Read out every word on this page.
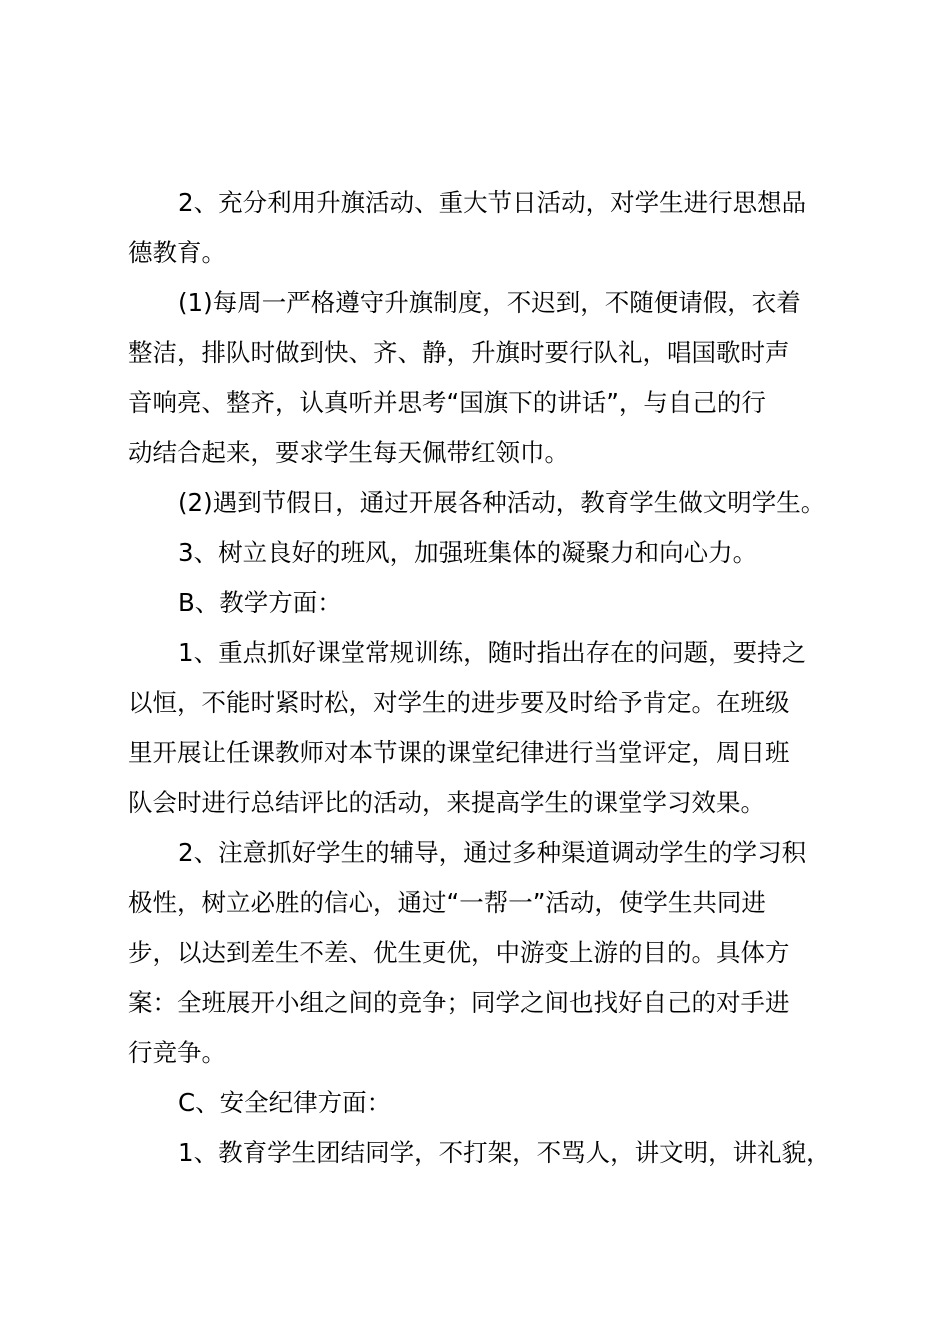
2、充分利用升旗活动、重大节日活动，对学生进行思想品
德教育。

(1)每周一严格遵守升旗制度，不迟到，不随便请假，衣着
整洁，排队时做到快、齐、静，升旗时要行队礼，唱国歌时声
音响亮、整齐，认真听并思考“国旗下的讲话”，与自己的行
动结合起来，要求学生每天佩带红领巾。

(2)遇到节假日，通过开展各种活动，教育学生做文明学生。

3、树立良好的班风，加强班集体的凝聚力和向心力。

B、教学方面：

1、重点抓好课堂常规训练，随时指出存在的问题，要持之
以恒，不能时紧时松，对学生的进步要及时给予肯定。在班级
里开展让任课教师对本节课的课堂纪律进行当堂评定，周日班
队会时进行总结评比的活动，来提高学生的课堂学习效果。

2、注意抓好学生的辅导，通过多种渠道调动学生的学习积
极性，树立必胜的信心，通过“一帮一”活动，使学生共同进
步，以达到差生不差、优生更优，中游变上游的目的。具体方
案：全班展开小组之间的竞争；同学之间也找好自己的对手进
行竞争。

C、安全纪律方面：

1、教育学生团结同学，不打架，不骂人，讲文明，讲礼貌，
